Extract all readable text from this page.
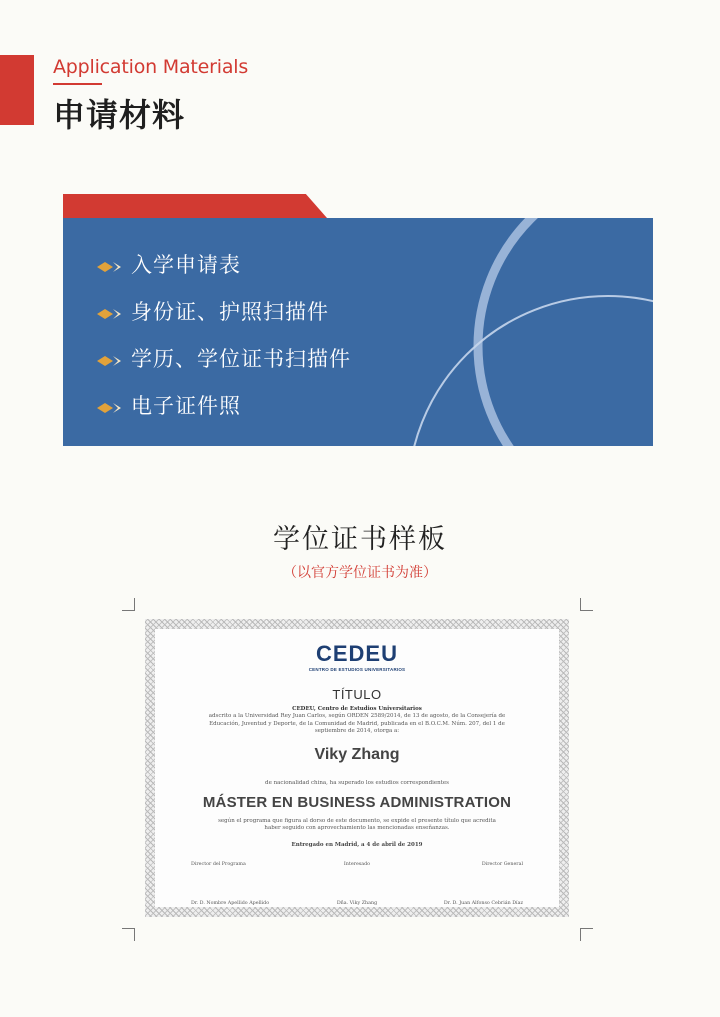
Application Materials
申请材料
入学申请表
身份证、护照扫描件
学历、学位证书扫描件
电子证件照
学位证书样板

（以官方学位证书为准）

CEDEU
CENTRO DE ESTUDIOS UNIVERSITARIOS
TÍTULO
CEDEU, Centro de Estudios Universitarios
adscrito a la Universidad Rey Juan Carlos, según ORDEN 2589/2014, de 13 de agosto, de la Consejería de Educación, Juventud y Deporte, de la Comunidad de Madrid, publicada en el B.O.C.M. Núm. 207, del 1 de septiembre de 2014, otorga a:
Viky Zhang
de nacionalidad china, ha superado los estudios correspondientes
MÁSTER EN BUSINESS ADMINISTRATION
según el programa que figura al dorso de este documento, se expide el presente título que acredita haber seguido con aprovechamiento las mencionadas enseñanzas.
Entregado en Madrid, a 4 de abril de 2019
Director del Programa	Interesado	Director General
Dr. D. Nombre Apellido Apellido	Dña. Viky Zhang	Dr. D. Juan Alfonso Cebrián Díaz
